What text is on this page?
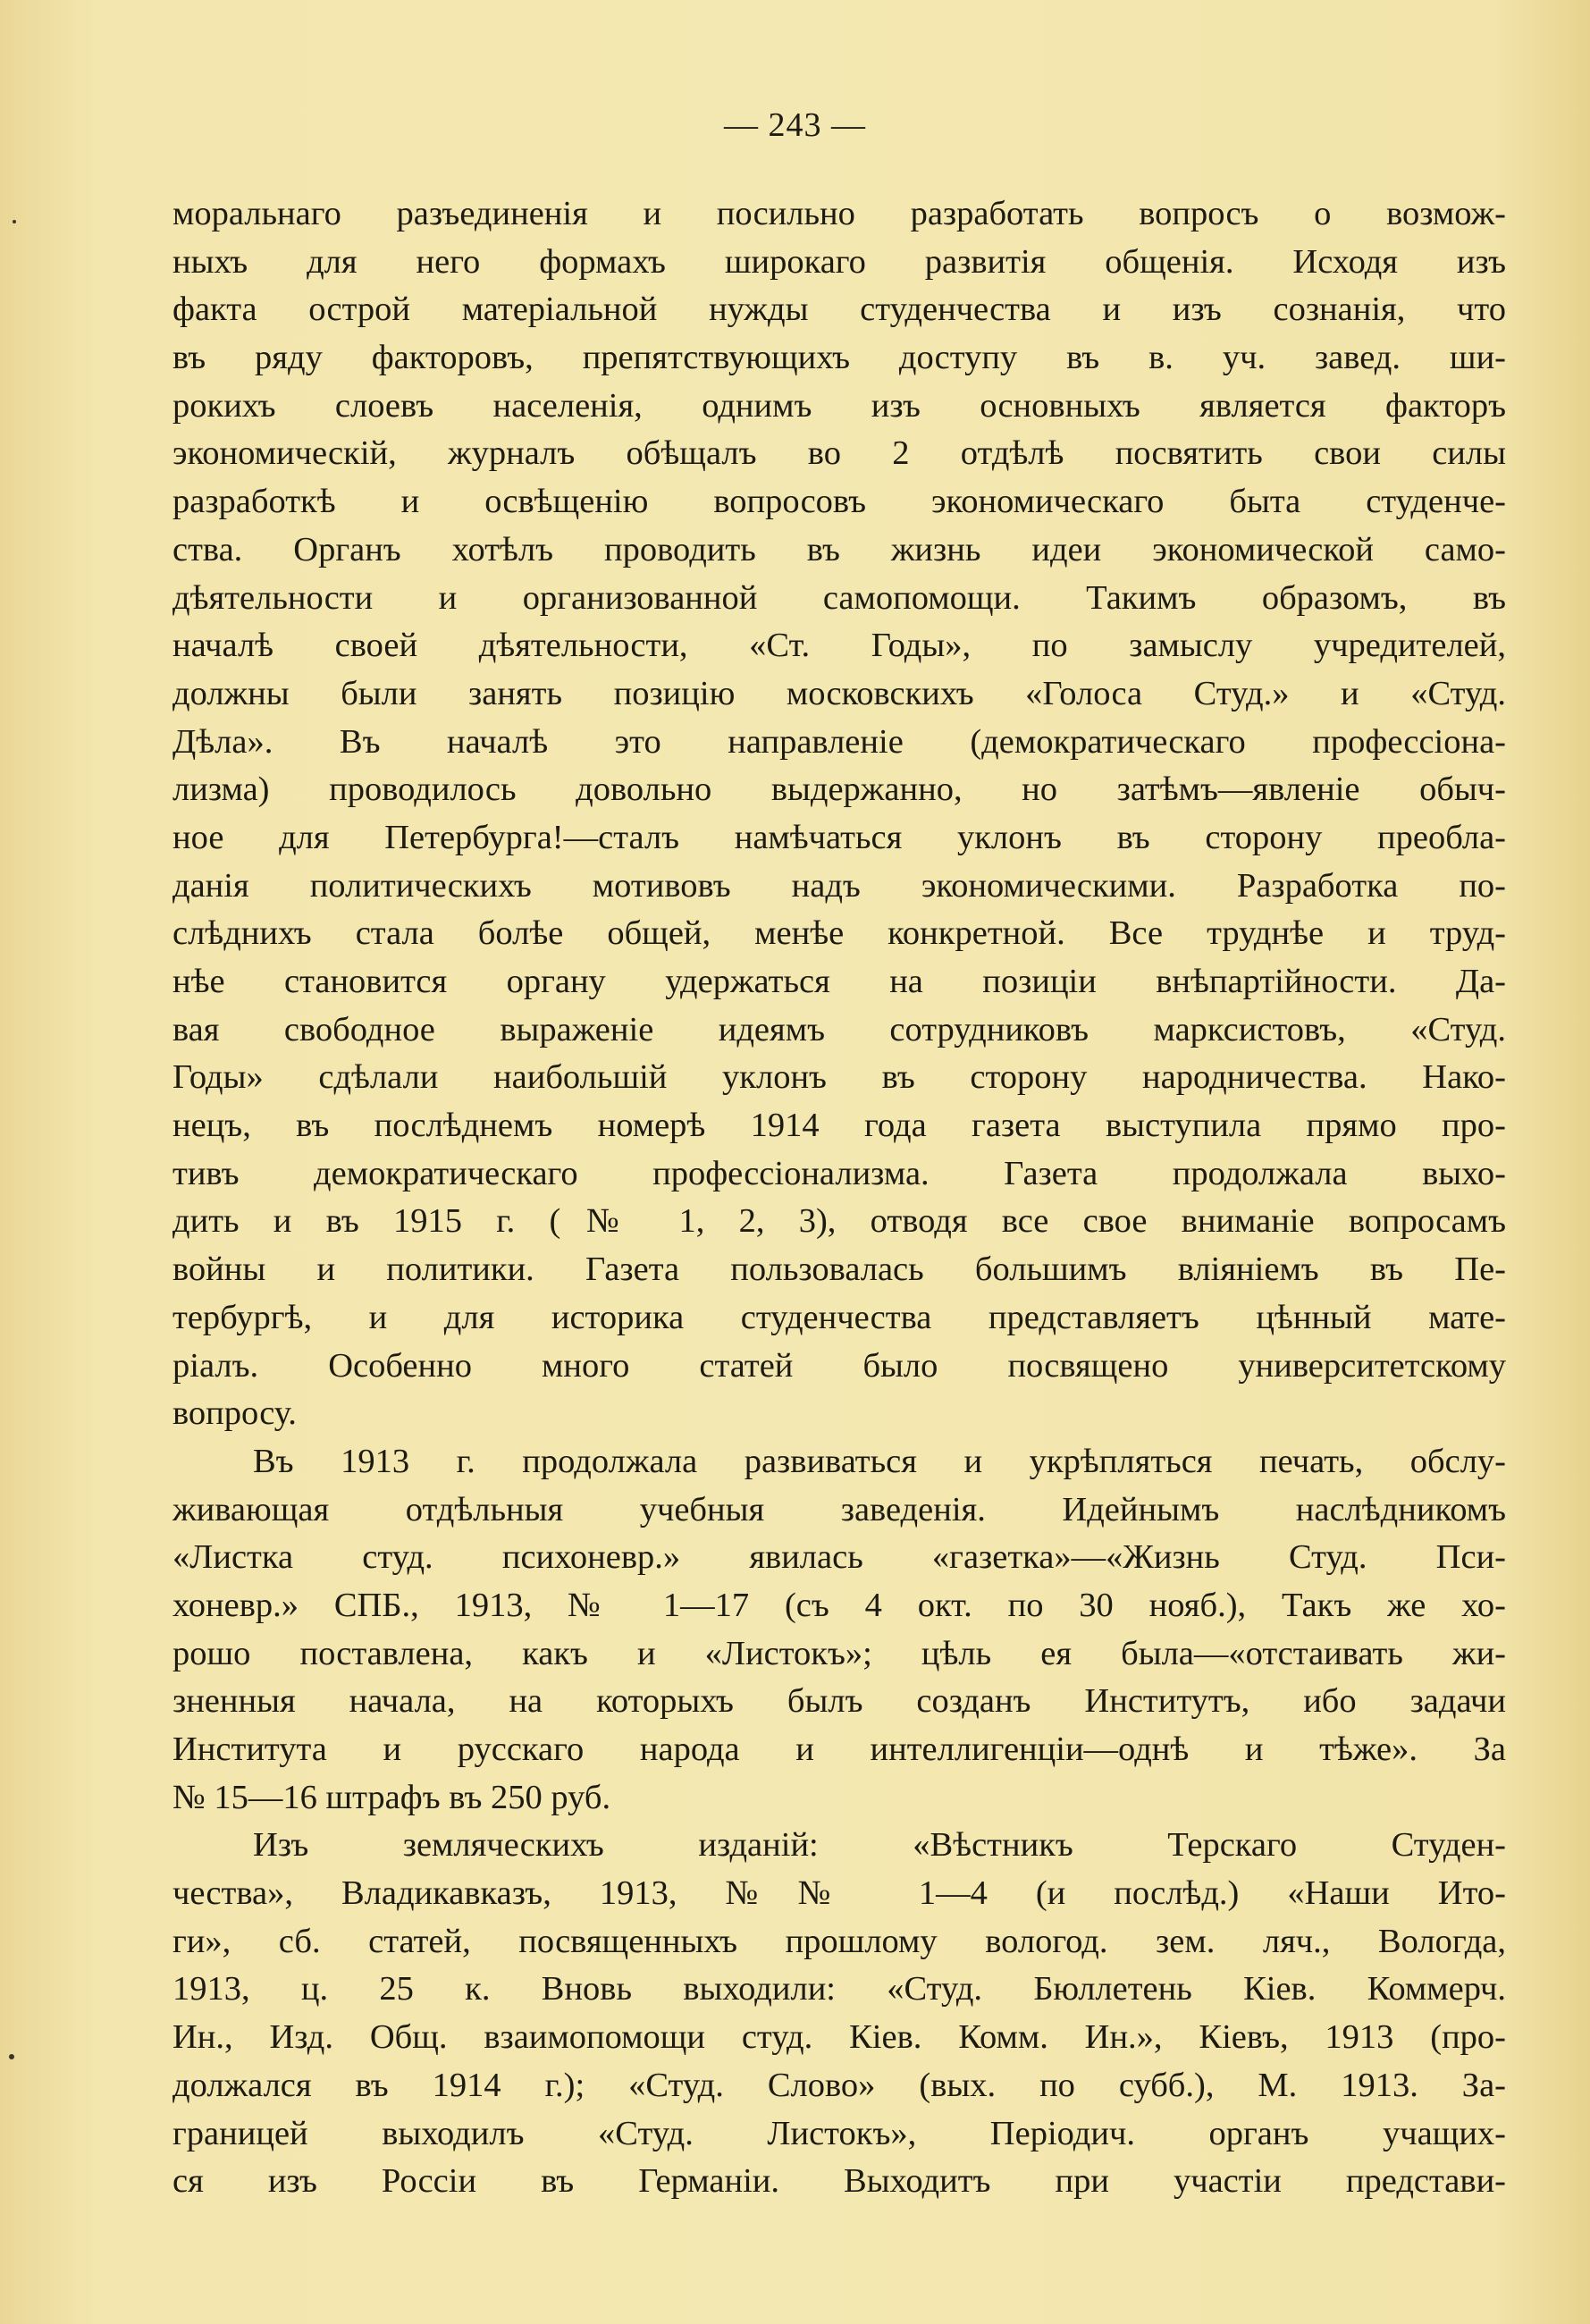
— 243 —
моральнаго разъединенія и посильно разработать вопросъ о возмож-
ныхъ для него формахъ широкаго развитія общенія. Исходя изъ
факта острой матеріальной нужды студенчества и изъ сознанія, что
въ ряду факторовъ, препятствующихъ доступу въ в. уч. завед. ши-
рокихъ слоевъ населенія, однимъ изъ основныхъ является факторъ
экономическій, журналъ обѣщалъ во 2 отдѣлѣ посвятить свои силы
разработкѣ и освѣщенію вопросовъ экономическаго быта студенче-
ства. Органъ хотѣлъ проводить въ жизнь идеи экономической само-
дѣятельности и организованной самопомощи. Такимъ образомъ, въ
началѣ своей дѣятельности, «Ст. Годы», по замыслу учредителей,
должны были занять позицію московскихъ «Голоса Студ.» и «Студ.
Дѣла». Въ началѣ это направленіе (демократическаго профессіона-
лизма) проводилось довольно выдержанно, но затѣмъ—явленіе обыч-
ное для Петербурга!—сталъ намѣчаться уклонъ въ сторону преобла-
данія политическихъ мотивовъ надъ экономическими. Разработка по-
слѣднихъ стала болѣе общей, менѣе конкретной. Все труднѣе и труд-
нѣе становится органу удержаться на позиціи внѣпартійности. Да-
вая свободное выраженіе идеямъ сотрудниковъ марксистовъ, «Студ.
Годы» сдѣлали наибольшій уклонъ въ сторону народничества. Нако-
нецъ, въ послѣднемъ номерѣ 1914 года газета выступила прямо про-
тивъ демократическаго профессіонализма. Газета продолжала выхо-
дить и въ 1915 г. (№ 1, 2, 3), отводя все свое вниманіе вопросамъ
войны и политики. Газета пользовалась большимъ вліяніемъ въ Пе-
тербургѣ, и для историка студенчества представляетъ цѣнный мате-
ріалъ. Особенно много статей было посвящено университетскому
вопросу.
Въ 1913 г. продолжала развиваться и укрѣпляться печать, обслу-
живающая отдѣльныя учебныя заведенія. Идейнымъ наслѣдникомъ
«Листка студ. психоневр.» явилась «газетка»—«Жизнь Студ. Пси-
хоневр.» СПБ., 1913, № 1—17 (съ 4 окт. по 30 нояб.), Такъ же хо-
рошо поставлена, какъ и «Листокъ»; цѣль ея была—«отстаивать жи-
зненныя начала, на которыхъ былъ созданъ Институтъ, ибо задачи
Института и русскаго народа и интеллигенціи—однѣ и тѣже». За
№ 15—16 штрафъ въ 250 руб.
Изъ земляческихъ изданій: «Вѣстникъ Терскаго Студен-
чества», Владикавказъ, 1913, №№ 1—4 (и послѣд.) «Наши Ито-
ги», сб. статей, посвященныхъ прошлому вологод. зем. ляч., Вологда,
1913, ц. 25 к. Вновь выходили: «Студ. Бюллетень Кіев. Коммерч.
Ин., Изд. Общ. взаимопомощи студ. Кіев. Комм. Ин.», Кіевъ, 1913 (про-
должался въ 1914 г.); «Студ. Слово» (вых. по субб.), М. 1913. За-
границей выходилъ «Студ. Листокъ», Періодич. органъ учащих-
ся изъ Россіи въ Германіи. Выходитъ при участіи представи-
